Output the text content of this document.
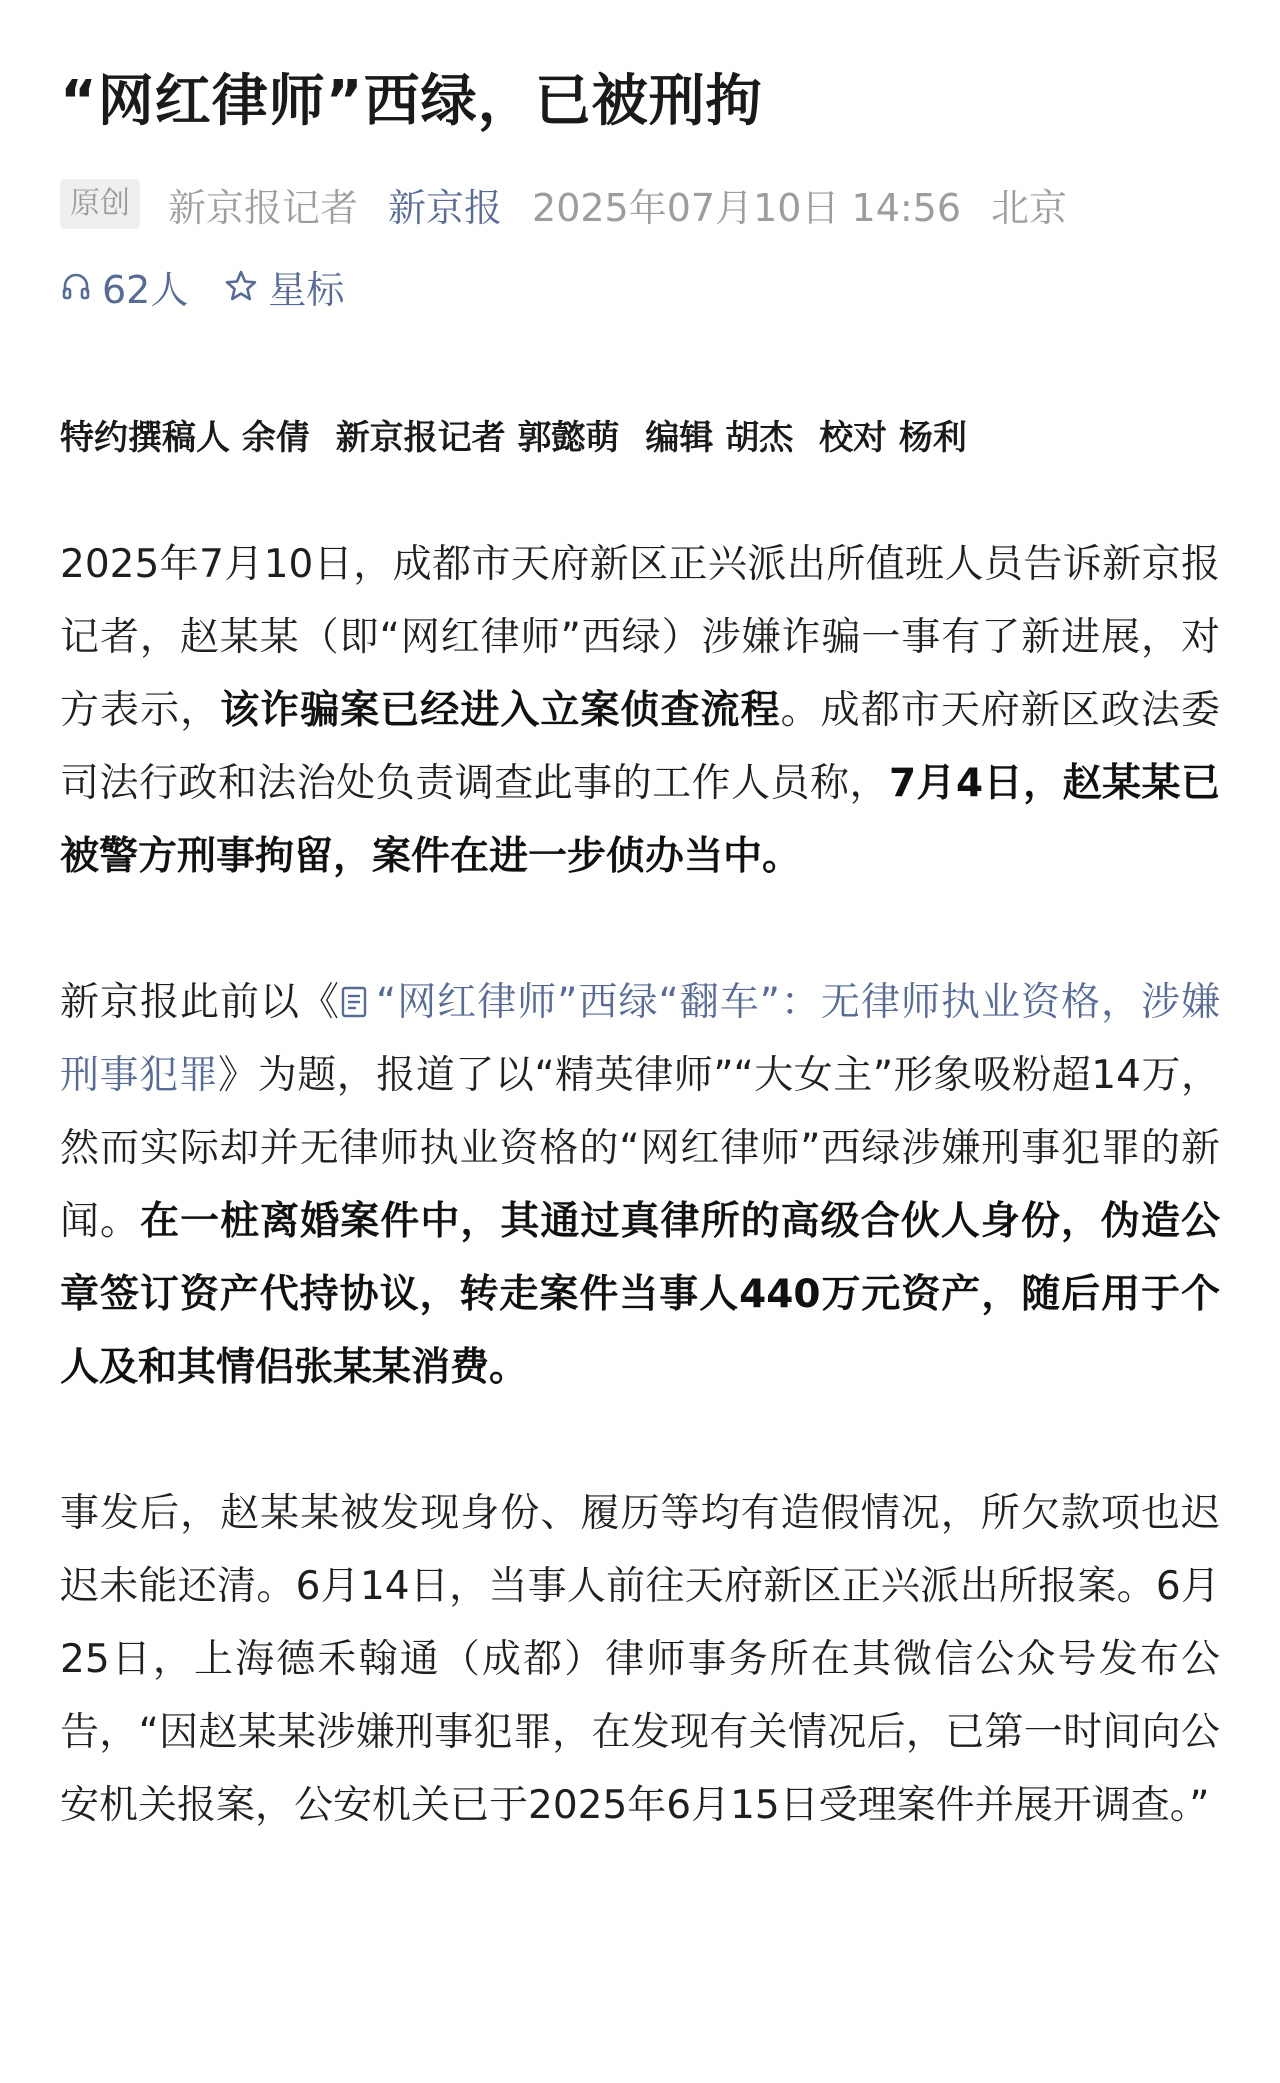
“网红律师”西绿，已被刑拘
原创 新京报记者 新京报 2025年07月10日 14:56 北京
62人 星标
特约撰稿人 余倩 新京报记者 郭懿萌 编辑 胡杰 校对 杨利

2025年7月10日，成都市天府新区正兴派出所值班人员告诉新京报记者，赵某某（即“网红律师”西绿）涉嫌诈骗一事有了新进展，对方表示，该诈骗案已经进入立案侦查流程。成都市天府新区政法委司法行政和法治处负责调查此事的工作人员称，7月4日，赵某某已被警方刑事拘留，案件在进一步侦办当中。

新京报此前以《 “网红律师”西绿“翻车”：无律师执业资格，涉嫌刑事犯罪》为题，报道了以“精英律师”“大女主”形象吸粉超14万，然而实际却并无律师执业资格的“网红律师”西绿涉嫌刑事犯罪的新闻。在一桩离婚案件中，其通过真律所的高级合伙人身份，伪造公章签订资产代持协议，转走案件当事人440万元资产，随后用于个人及和其情侣张某某消费。

事发后，赵某某被发现身份、履历等均有造假情况，所欠款项也迟迟未能还清。6月14日，当事人前往天府新区正兴派出所报案。6月25日，上海德禾翰通（成都）律师事务所在其微信公众号发布公告，“因赵某某涉嫌刑事犯罪，在发现有关情况后，已第一时间向公安机关报案，公安机关已于2025年6月15日受理案件并展开调查。”
